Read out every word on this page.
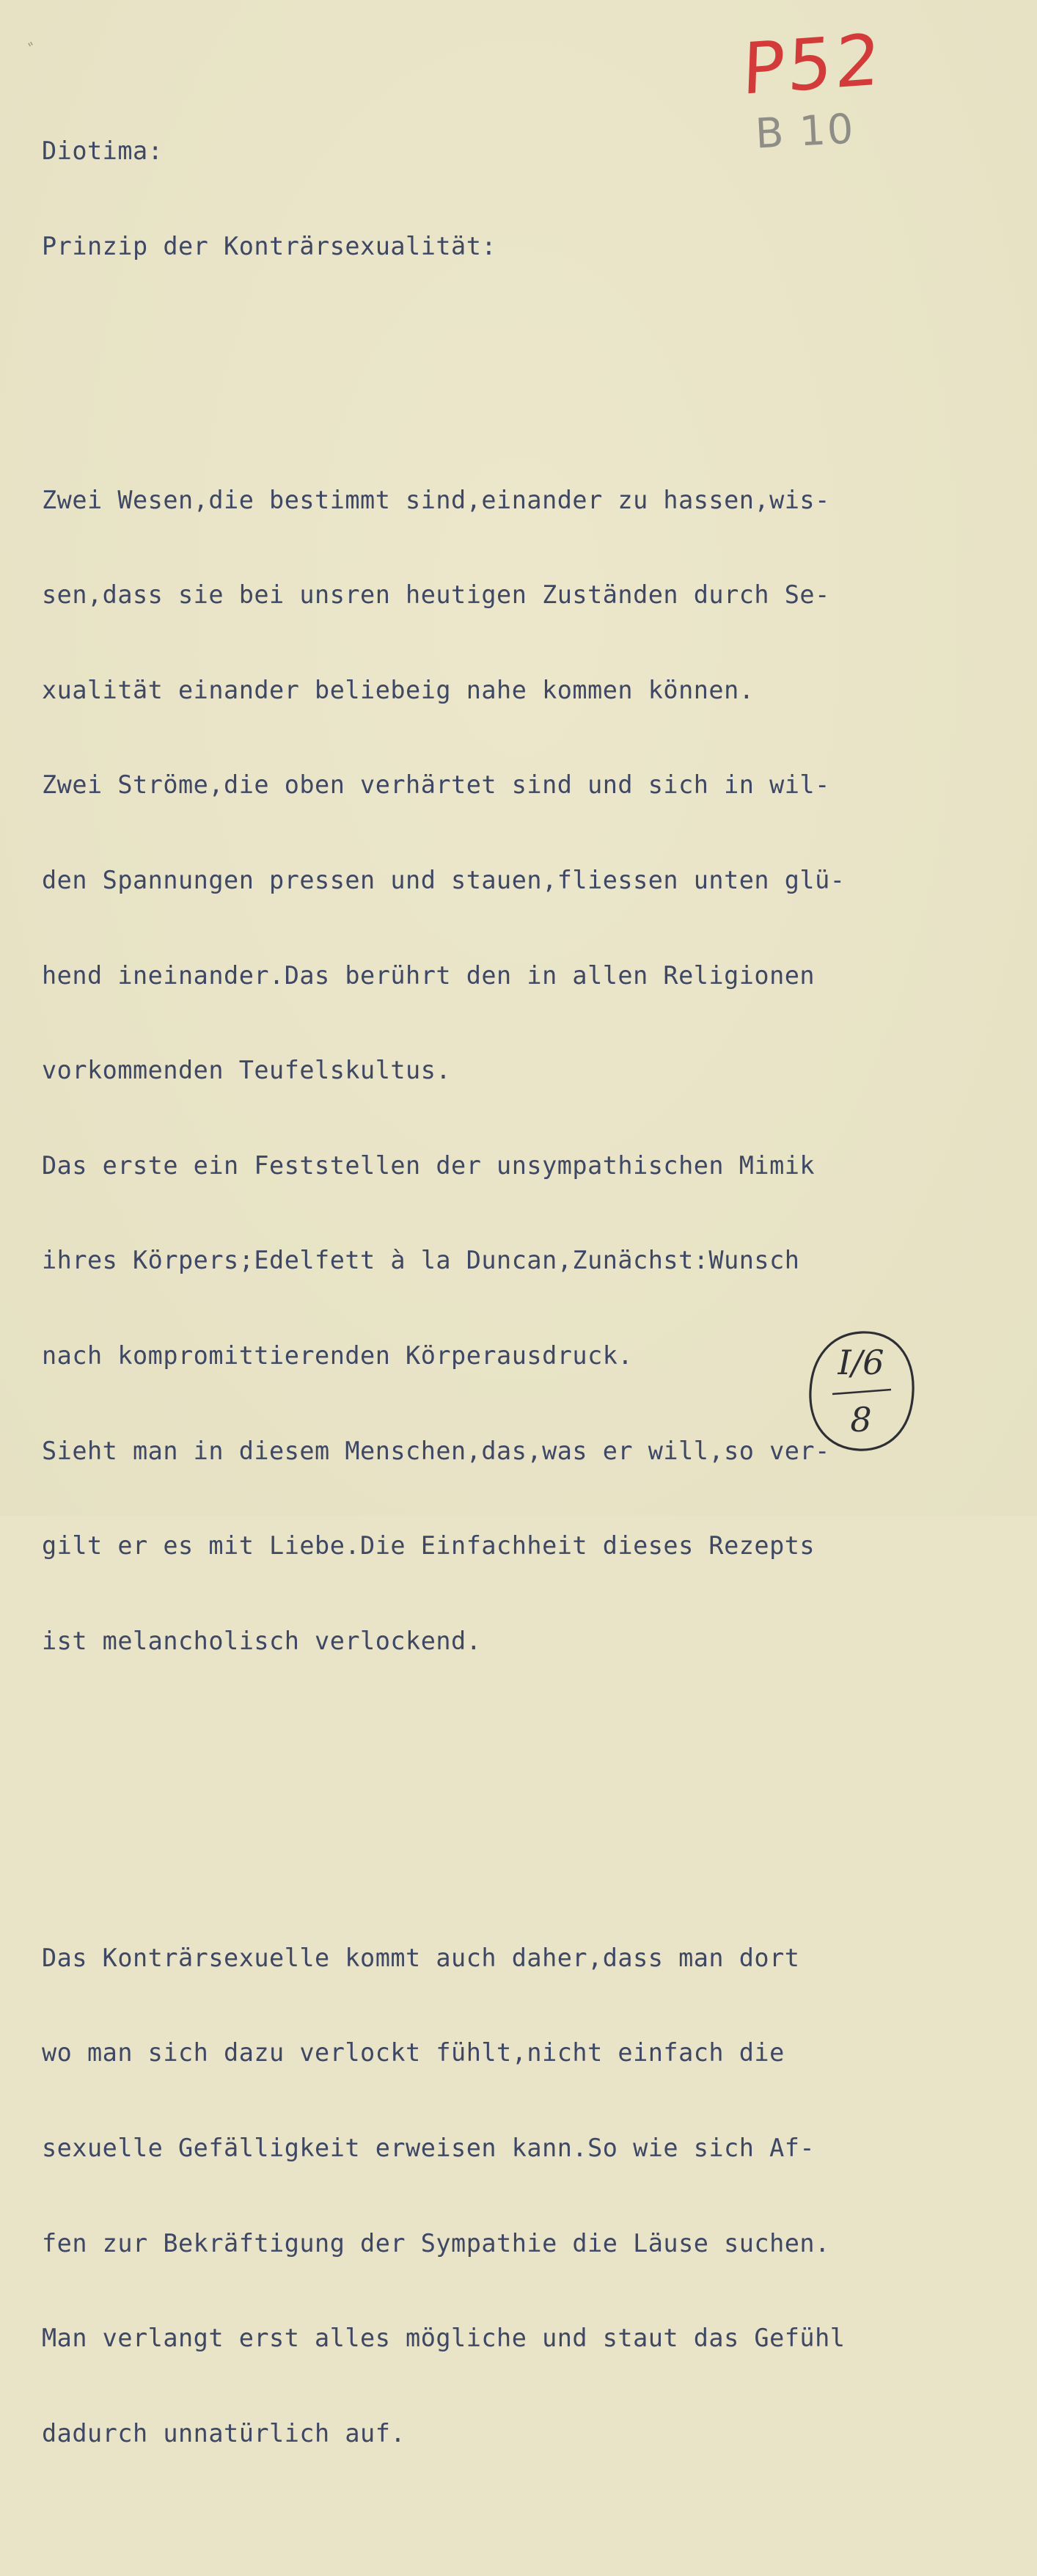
"	P52
B 10

Diotima:

Prinzip der Konträrsexualität:

Zwei Wesen,die bestimmt sind,einander zu hassen,wis-

sen,dass sie bei unsren heutigen Zuständen durch Se-

xualität einander beliebeig nahe kommen können.

Zwei Ströme,die oben verhärtet sind und sich in wil-

den Spannungen pressen und stauen,fliessen unten glü-

hend ineinander.Das berührt den in allen Religionen

vorkommenden Teufelskultus.

Das erste ein Feststellen der unsympathischen Mimik

ihres Körpers;Edelfett à la Duncan,Zunächst:Wunsch

nach kompromittierenden Körperausdruck.

Sieht man in diesem Menschen,das,was er will,so ver-

gilt er es mit Liebe.Die Einfachheit dieses Rezepts

ist melancholisch verlockend.

Das Konträrsexuelle kommt auch daher,dass man dort

wo man sich dazu verlockt fühlt,nicht einfach die

sexuelle Gefälligkeit erweisen kann.So wie sich Af-

fen zur Bekräftigung der Sympathie die Läuse suchen.

Man verlangt erst alles mögliche und staut das Gefühl

dadurch unnatürlich auf.

I/6
8
